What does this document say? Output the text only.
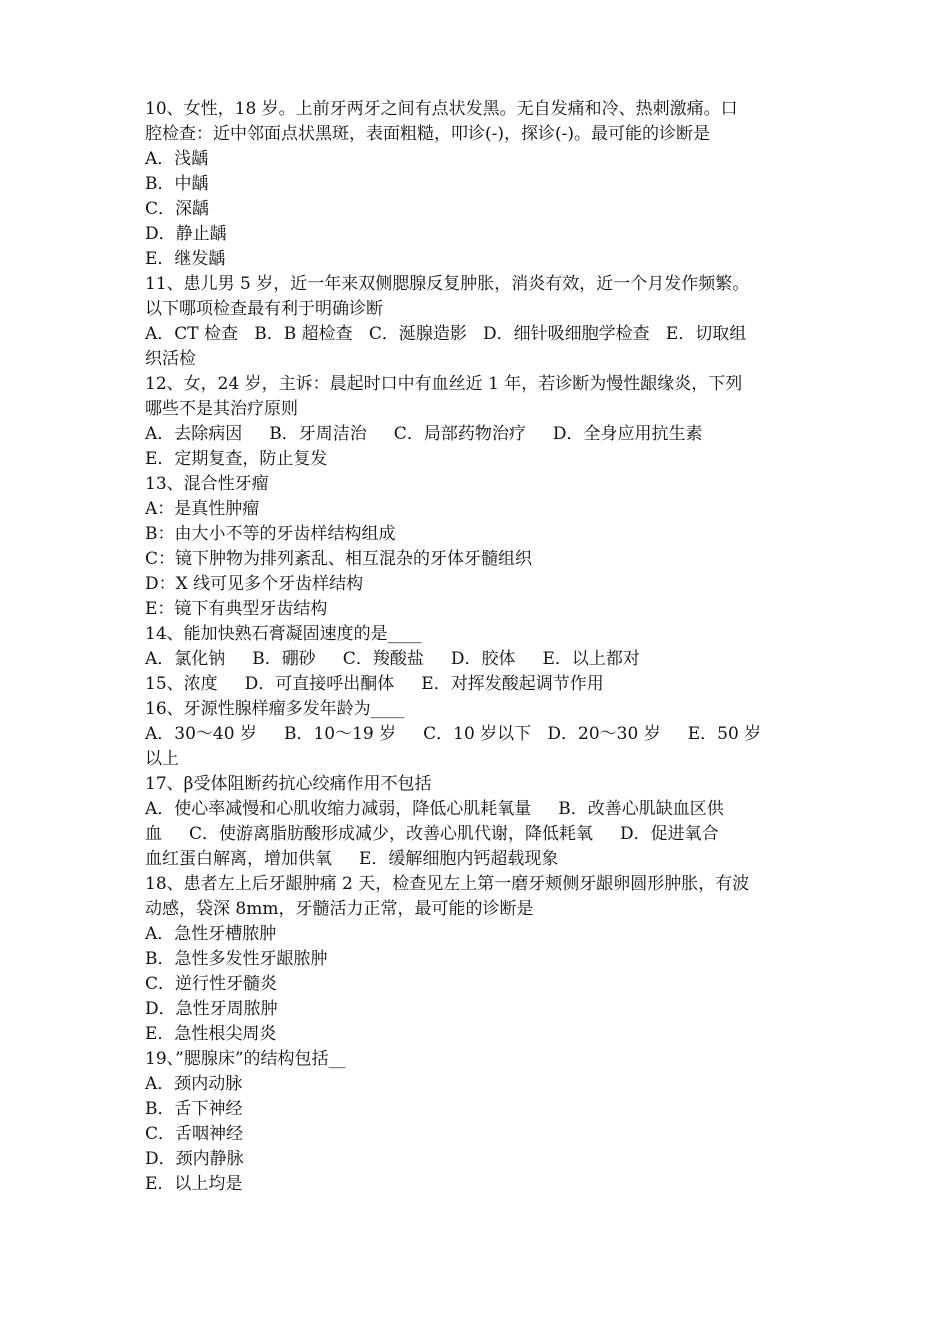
10、女性，18 岁。上前牙两牙之间有点状发黑。无自发痛和冷、热刺激痛。口
腔检查：近中邻面点状黑斑，表面粗糙，叩诊(-)，探诊(-)。最可能的诊断是
A．浅龋
B．中龋
C．深龋
D．静止龋
E．继发龋
11、患儿男 5 岁，近一年来双侧腮腺反复肿胀，消炎有效，近一个月发作频繁。
以下哪项检查最有利于明确诊断
A．CT 检查   B．B 超检查   C．涎腺造影   D．细针吸细胞学检查   E．切取组
织活检
12、女，24 岁，主诉：晨起时口中有血丝近 1 年，若诊断为慢性龈缘炎，下列
哪些不是其治疗原则
A．去除病因     B．牙周洁治     C．局部药物治疗     D．全身应用抗生素
E．定期复查，防止复发
13、混合性牙瘤
A：是真性肿瘤
B：由大小不等的牙齿样结构组成
C：镜下肿物为排列紊乱、相互混杂的牙体牙髓组织
D：X 线可见多个牙齿样结构
E：镜下有典型牙齿结构
14、能加快熟石膏凝固速度的是____
A．氯化钠     B．硼砂     C．羧酸盐     D．胶体     E．以上都对
15、浓度     D．可直接呼出酮体     E．对挥发酸起调节作用
16、牙源性腺样瘤多发年龄为____
A．30～40 岁     B．10～19 岁     C．10 岁以下   D．20～30 岁     E．50 岁
以上
17、β受体阻断药抗心绞痛作用不包括
A．使心率减慢和心肌收缩力减弱，降低心肌耗氧量     B．改善心肌缺血区供
血     C．使游离脂肪酸形成减少，改善心肌代谢，降低耗氧     D．促进氧合
血红蛋白解离，增加供氧     E．缓解细胞内钙超载现象
18、患者左上后牙龈肿痛 2 天，检查见左上第一磨牙颊侧牙龈卵圆形肿胀，有波
动感，袋深 8mm，牙髓活力正常，最可能的诊断是
A．急性牙槽脓肿
B．急性多发性牙龈脓肿
C．逆行性牙髓炎
D．急性牙周脓肿
E．急性根尖周炎
19、”腮腺床”的结构包括__
A．颈内动脉
B．舌下神经
C．舌咽神经
D．颈内静脉
E．以上均是
